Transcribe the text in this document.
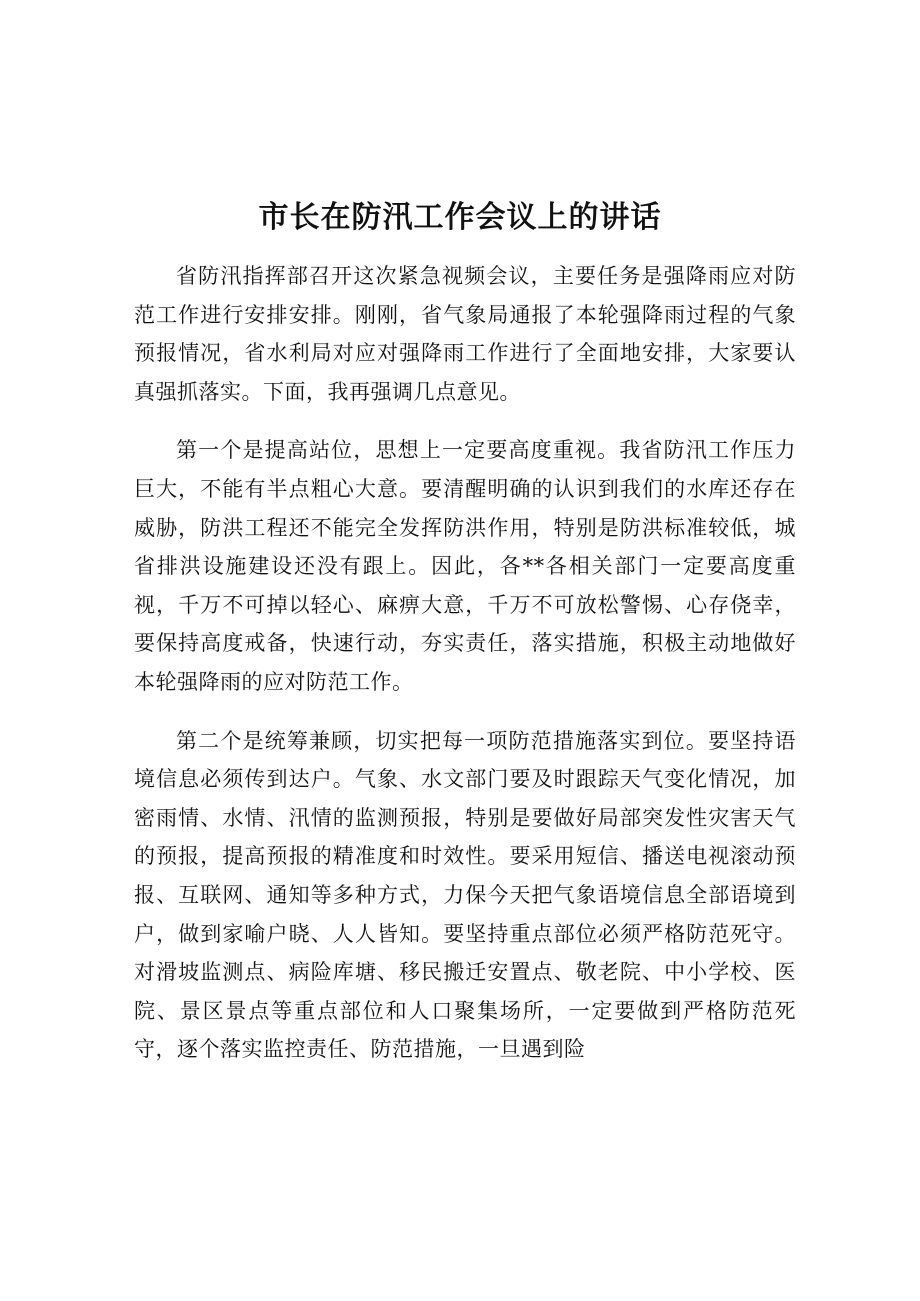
市长在防汛工作会议上的讲话

省防汛指挥部召开这次紧急视频会议，主要任务是强降雨应对防范工作进行安排安排。刚刚，省气象局通报了本轮强降雨过程的气象预报情况，省水利局对应对强降雨工作进行了全面地安排，大家要认真强抓落实。下面，我再强调几点意见。

第一个是提高站位，思想上一定要高度重视。我省防汛工作压力巨大，不能有半点粗心大意。要清醒明确的认识到我们的水库还存在威胁，防洪工程还不能完全发挥防洪作用，特别是防洪标准较低，城省排洪设施建设还没有跟上。因此，各**各相关部门一定要高度重视，千万不可掉以轻心、麻痹大意，千万不可放松警惕、心存侥幸，要保持高度戒备，快速行动，夯实责任，落实措施，积极主动地做好本轮强降雨的应对防范工作。

第二个是统筹兼顾，切实把每一项防范措施落实到位。要坚持语境信息必须传到达户。气象、水文部门要及时跟踪天气变化情况，加密雨情、水情、汛情的监测预报，特别是要做好局部突发性灾害天气的预报，提高预报的精准度和时效性。要采用短信、播送电视滚动预报、互联网、通知等多种方式，力保今天把气象语境信息全部语境到户，做到家喻户晓、人人皆知。要坚持重点部位必须严格防范死守。对滑坡监测点、病险库塘、移民搬迁安置点、敬老院、中小学校、医院、景区景点等重点部位和人口聚集场所，一定要做到严格防范死守，逐个落实监控责任、防范措施，一旦遇到险
